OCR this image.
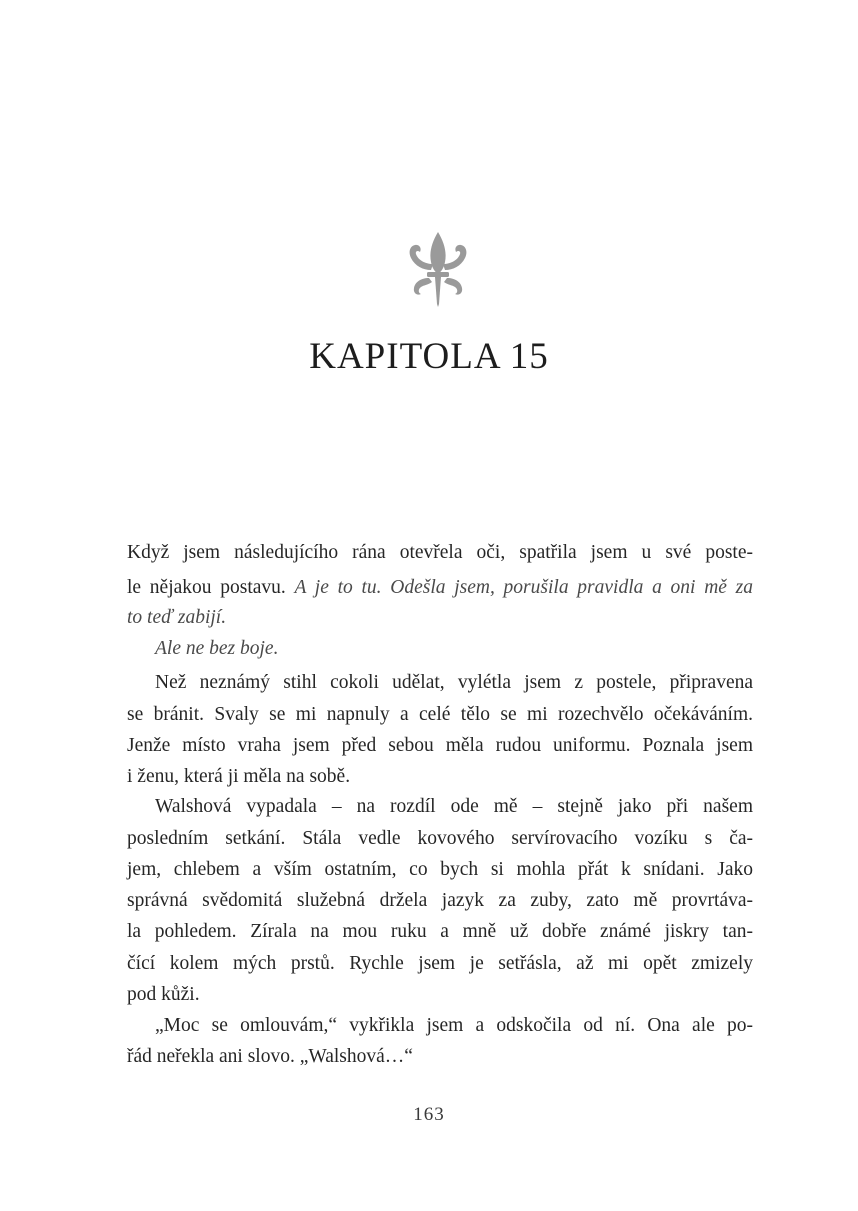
KAPITOLA 15
Když jsem následujícího rána otevřela oči, spatřila jsem u své poste-
le nějakou postavu. A je to tu. Odešla jsem, porušila pravidla a oni mě za
to teď zabijí.
Ale ne bez boje.
Než neznámý stihl cokoli udělat, vylétla jsem z postele, připravena
se bránit. Svaly se mi napnuly a celé tělo se mi rozechvělo očekáváním.
Jenže místo vraha jsem před sebou měla rudou uniformu. Poznala jsem
i ženu, která ji měla na sobě.
Walshová vypadala – na rozdíl ode mě – stejně jako při našem
posledním setkání. Stála vedle kovového servírovacího vozíku s ča-
jem, chlebem a vším ostatním, co bych si mohla přát k snídani. Jako
správná svědomitá služebná držela jazyk za zuby, zato mě provrtáva-
la pohledem. Zírala na mou ruku a mně už dobře známé jiskry tan-
čící kolem mých prstů. Rychle jsem je setřásla, až mi opět zmizely
pod kůži.
„Moc se omlouvám,“ vykřikla jsem a odskočila od ní. Ona ale po-
řád neřekla ani slovo. „Walshová…“
163
